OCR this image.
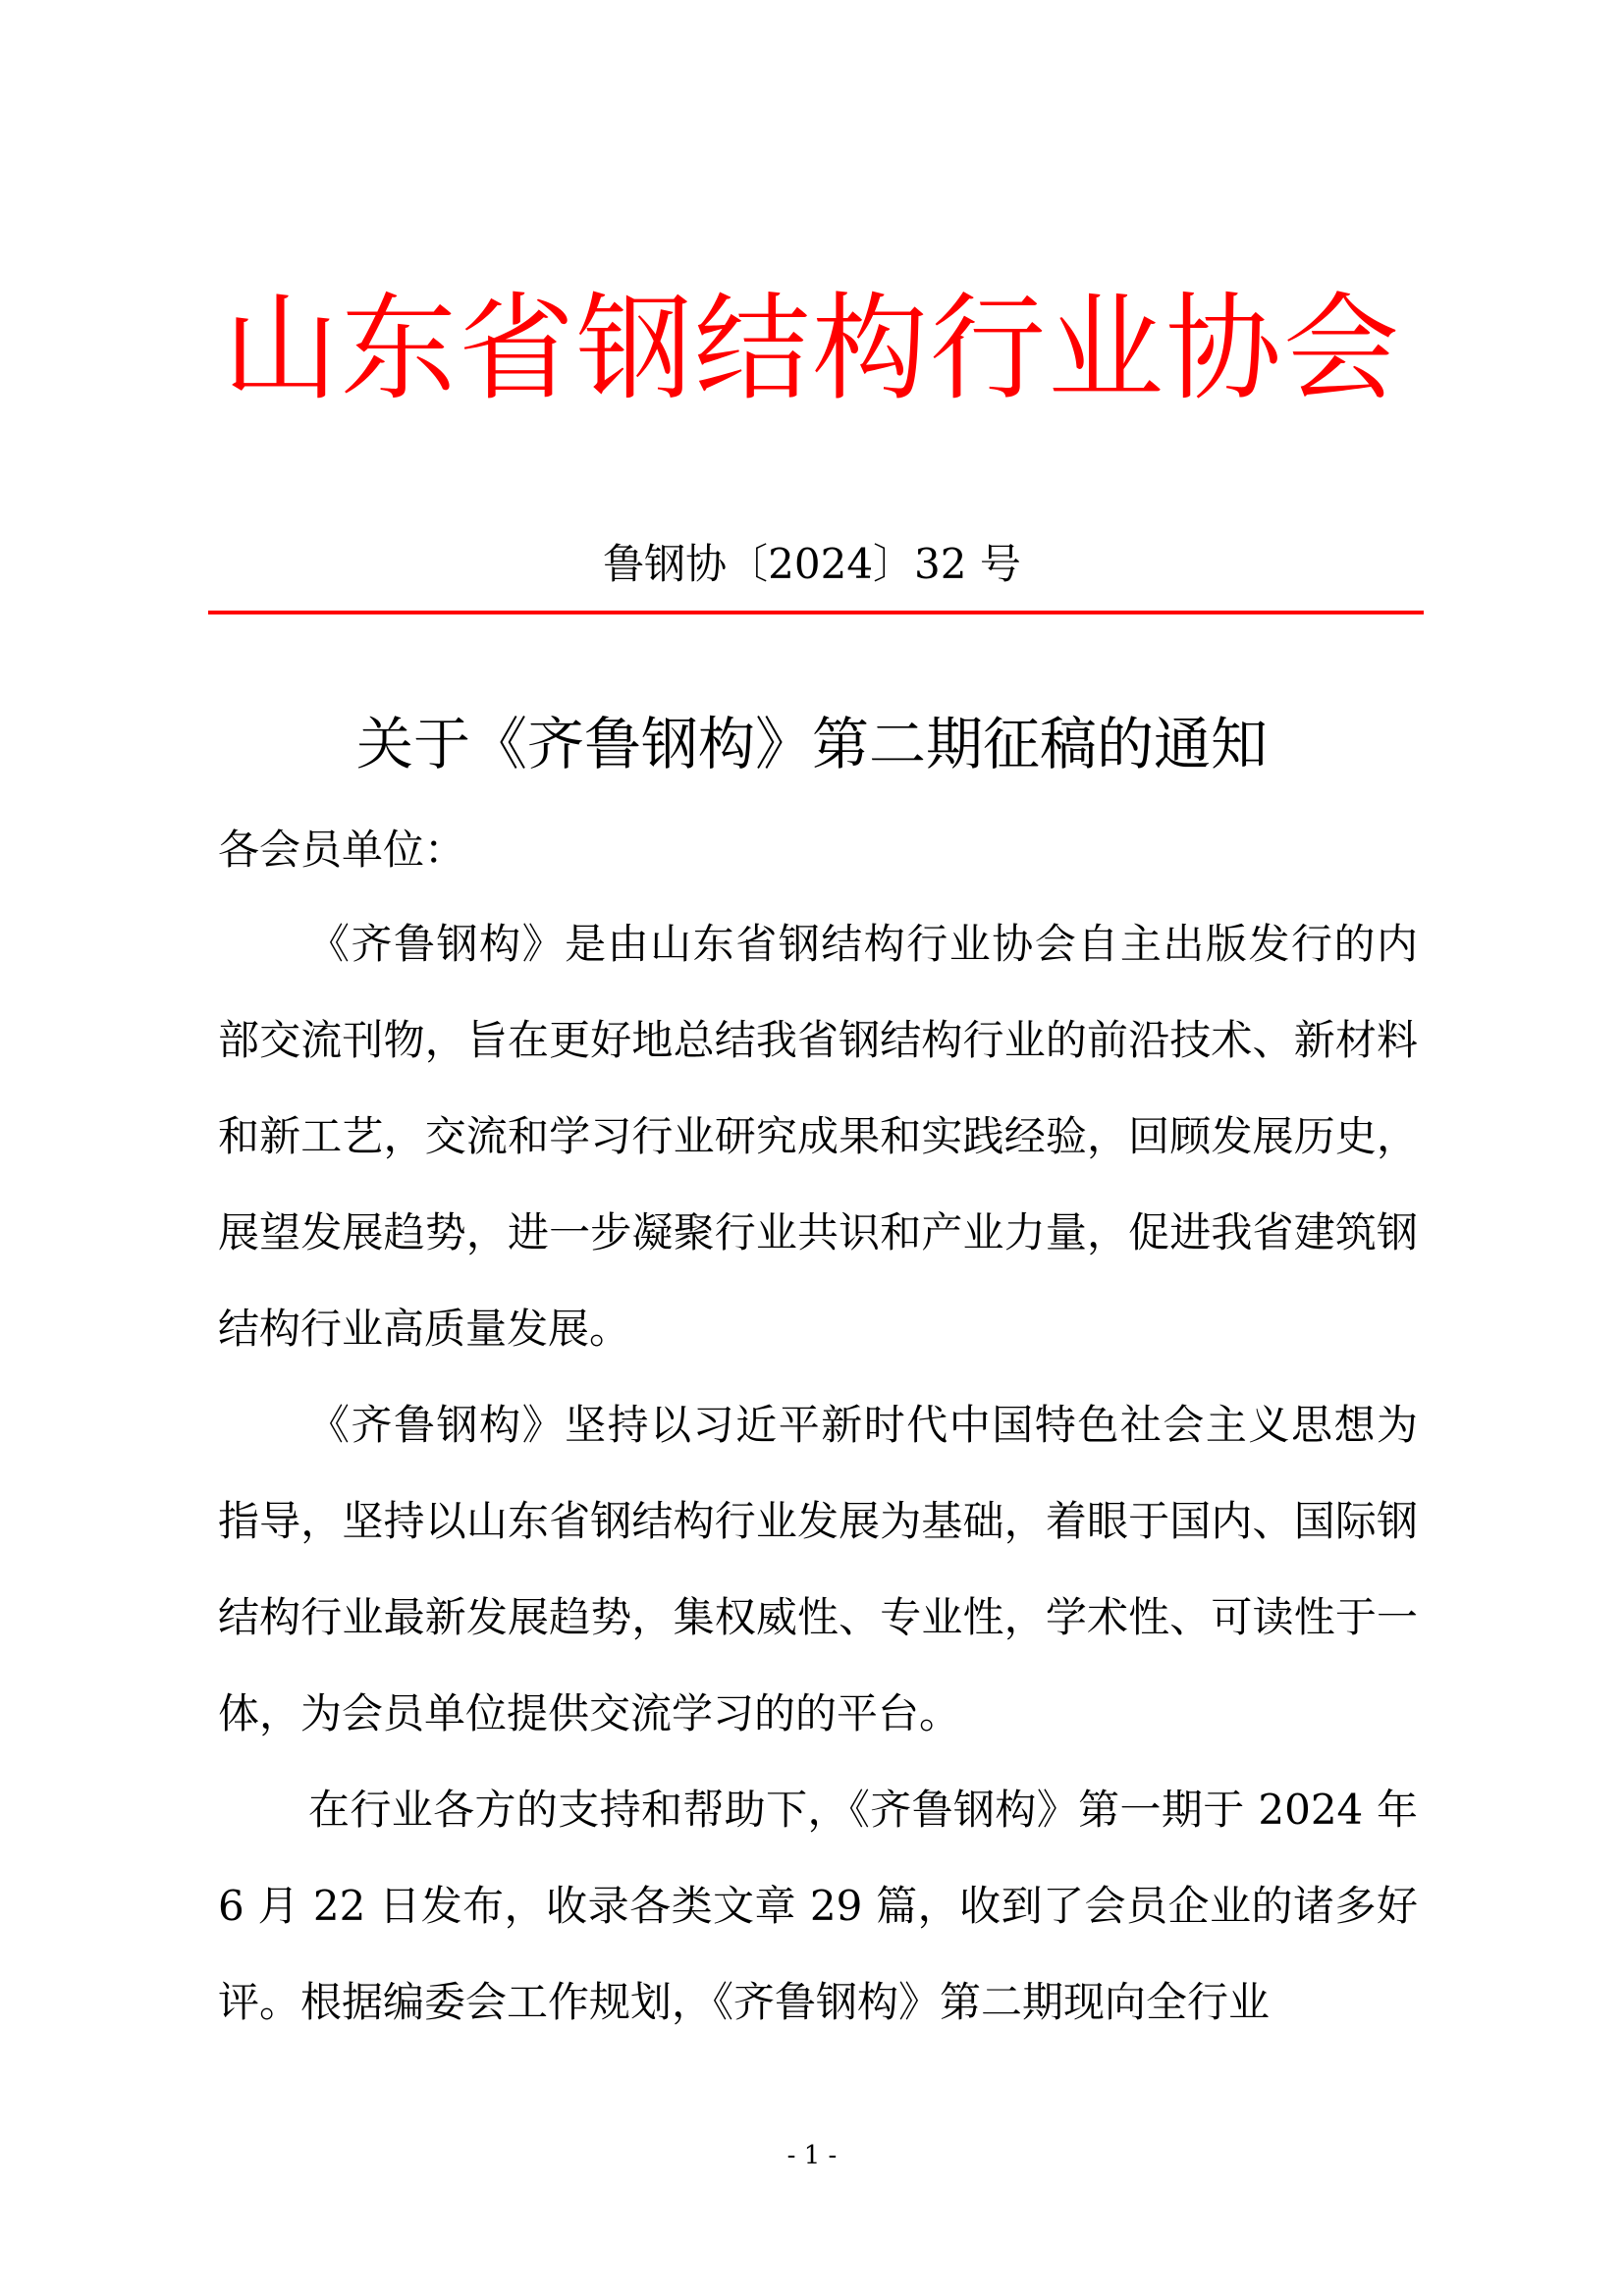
山东省钢结构行业协会
鲁钢协〔2024〕32 号
关于《齐鲁钢构》第二期征稿的通知
各会员单位：

《齐鲁钢构》是由山东省钢结构行业协会自主出版发行的内部交流刊物，旨在更好地总结我省钢结构行业的前沿技术、新材料和新工艺，交流和学习行业研究成果和实践经验，回顾发展历史，展望发展趋势，进一步凝聚行业共识和产业力量，促进我省建筑钢结构行业高质量发展。

《齐鲁钢构》坚持以习近平新时代中国特色社会主义思想为指导，坚持以山东省钢结构行业发展为基础，着眼于国内、国际钢结构行业最新发展趋势，集权威性、专业性，学术性、可读性于一体，为会员单位提供交流学习的的平台。

在行业各方的支持和帮助下，《齐鲁钢构》第一期于 2024 年 6 月 22 日发布，收录各类文章 29 篇，收到了会员企业的诸多好评。根据编委会工作规划，《齐鲁钢构》第二期现向全行业

- 1 -
